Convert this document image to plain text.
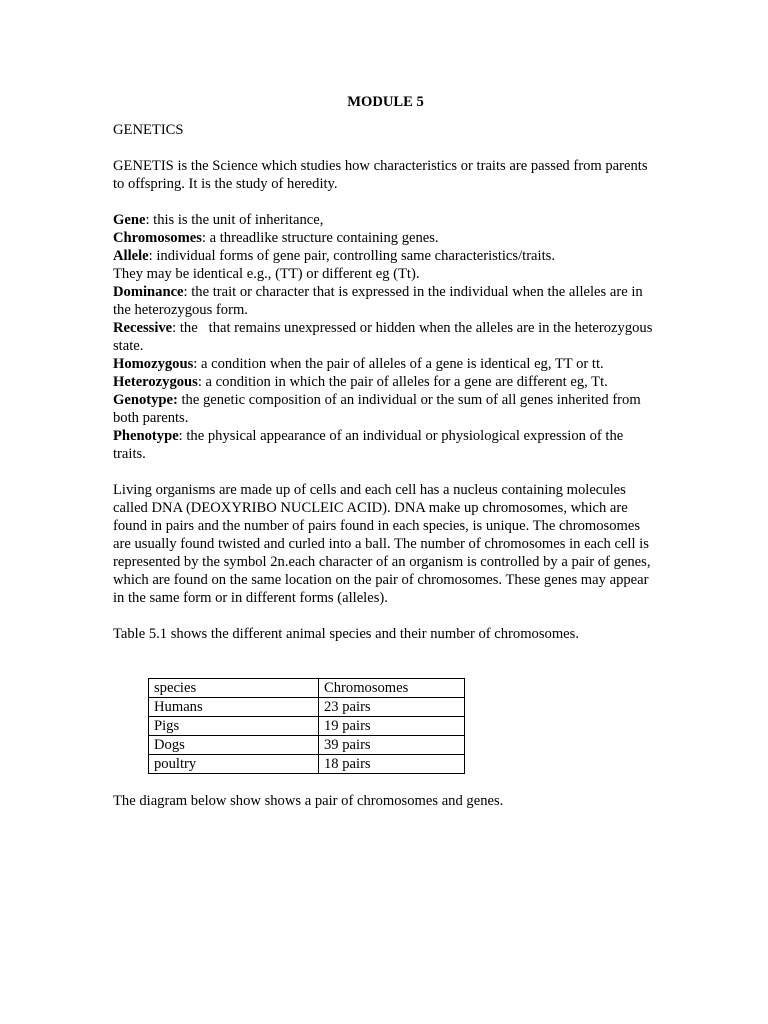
MODULE 5

GENETICS

GENETIS is the Science which studies how characteristics or traits are passed from parents to offspring. It is the study of heredity.

Gene: this is the unit of inheritance,

Chromosomes: a threadlike structure containing genes.

Allele: individual forms of gene pair, controlling same characteristics/traits.

They may be identical e.g., (TT) or different eg (Tt).

Dominance: the trait or character that is expressed in the individual when the alleles are in the heterozygous form.

Recessive: the   that remains unexpressed or hidden when the alleles are in the heterozygous state.

Homozygous: a condition when the pair of alleles of a gene is identical eg, TT or tt.

Heterozygous: a condition in which the pair of alleles for a gene are different eg, Tt.

Genotype: the genetic composition of an individual or the sum of all genes inherited from both parents.

Phenotype: the physical appearance of an individual or physiological expression of the traits.

Living organisms are made up of cells and each cell has a nucleus containing molecules called DNA (DEOXYRIBO NUCLEIC ACID). DNA make up chromosomes, which are found in pairs and the number of pairs found in each species, is unique. The chromosomes are usually found twisted and curled into a ball. The number of chromosomes in each cell is represented by the symbol 2n.each character of an organism is controlled by a pair of genes, which are found on the same location on the pair of chromosomes. These genes may appear in the same form or in different forms (alleles).

Table 5.1 shows the different animal species and their number of chromosomes.

species	Chromosomes
Humans	23 pairs
Pigs	19 pairs
Dogs	39 pairs
poultry	18 pairs

The diagram below show shows a pair of chromosomes and genes.
